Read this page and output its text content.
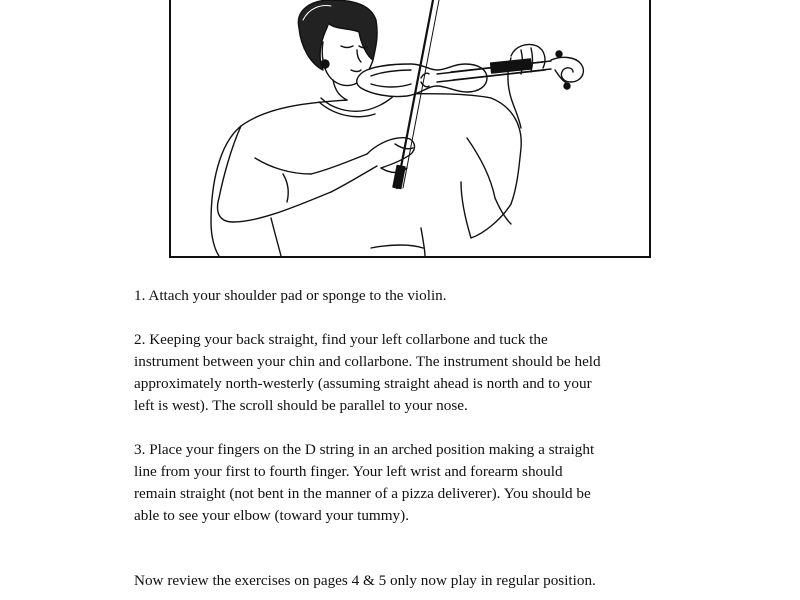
1. Attach your shoulder pad or sponge to the violin.

2. Keeping your back straight, find your left collarbone and tuck the
instrument between your chin and collarbone. The instrument should be held
approximately north-westerly (assuming straight ahead is north and to your
left is west). The scroll should be parallel to your nose.

3. Place your fingers on the D string in an arched position making a straight
line from your first to fourth finger. Your left wrist and forearm should
remain straight (not bent in the manner of a pizza deliverer). You should be
able to see your elbow (toward your tummy).

Now review the exercises on pages 4 & 5 only now play in regular position.
